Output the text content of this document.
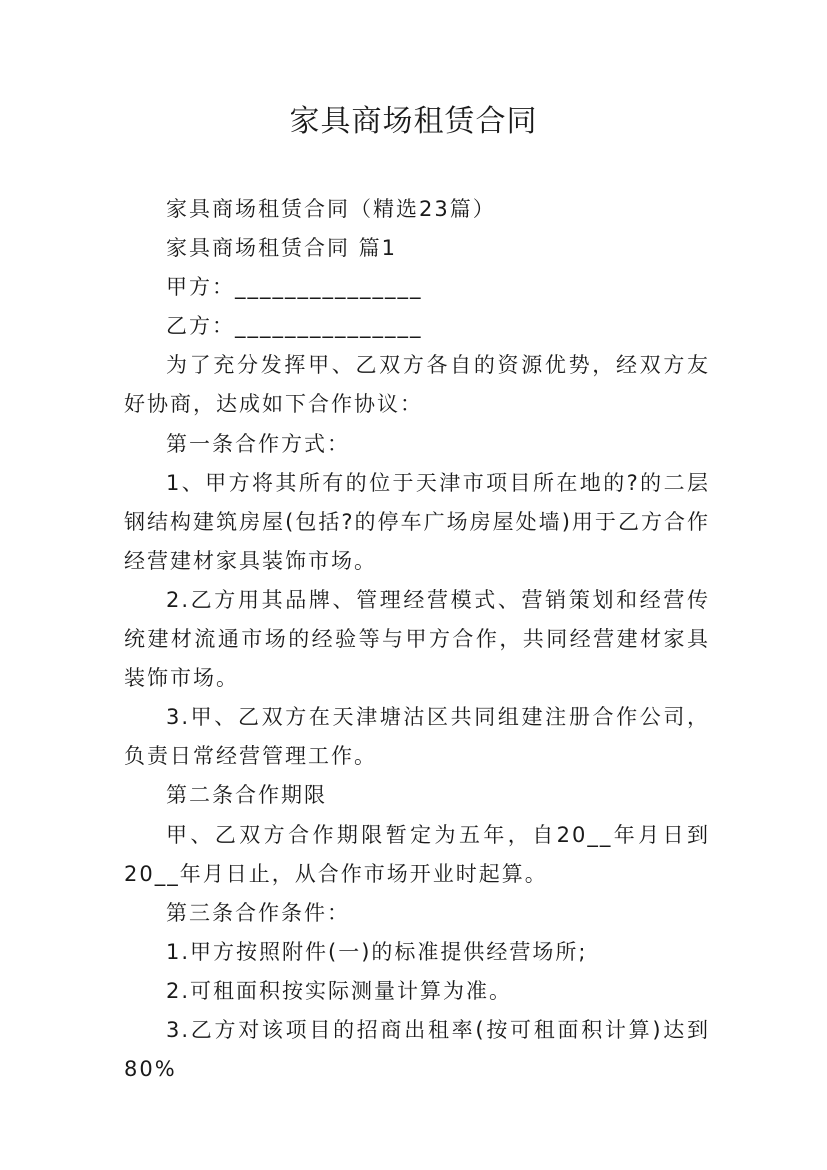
家具商场租赁合同

家具商场租赁合同（精选23篇）

家具商场租赁合同 篇1

甲方：_______________

乙方：_______________

为了充分发挥甲、乙双方各自的资源优势，经双方友好协商，达成如下合作协议：

第一条合作方式：

1、甲方将其所有的位于天津市项目所在地的?的二层钢结构建筑房屋(包括?的停车广场房屋处墙)用于乙方合作经营建材家具装饰市场。

2.乙方用其品牌、管理经营模式、营销策划和经营传统建材流通市场的经验等与甲方合作，共同经营建材家具装饰市场。

3.甲、乙双方在天津塘沽区共同组建注册合作公司，负责日常经营管理工作。

第二条合作期限

甲、乙双方合作期限暂定为五年，自20__年月日到20__年月日止，从合作市场开业时起算。

第三条合作条件：

1.甲方按照附件(一)的标准提供经营场所;

2.可租面积按实际测量计算为准。

3.乙方对该项目的招商出租率(按可租面积计算)达到80%
